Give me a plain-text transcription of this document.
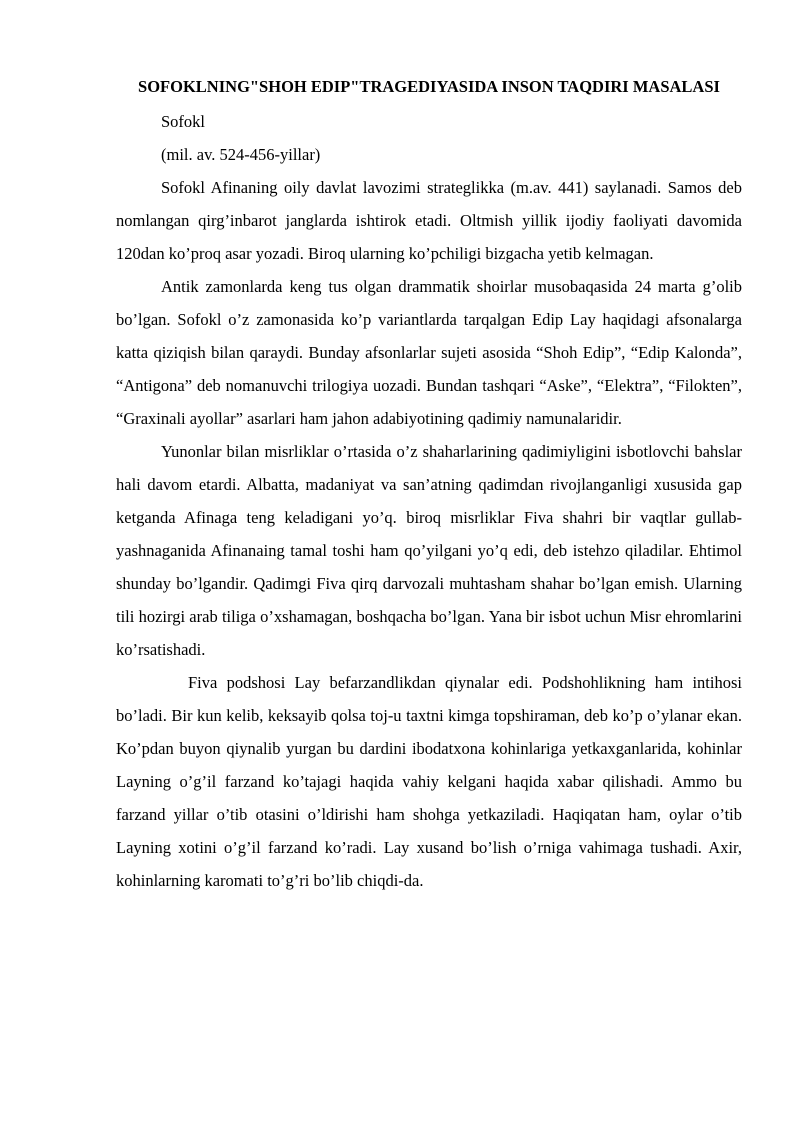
SOFOKLNING"SHOH EDIP"TRAGEDIYASIDA INSON TAQDIRI MASALASI

Sofokl

(mil. av. 524-456-yillar)

Sofokl Afinaning oily davlat lavozimi strateglikka (m.av. 441) saylanadi. Samos deb nomlangan qirg’inbarot janglarda ishtirok etadi. Oltmish yillik ijodiy faoliyati davomida 120dan ko’proq asar yozadi. Biroq ularning ko’pchiligi bizgacha yetib kelmagan.

Antik zamonlarda keng tus olgan drammatik shoirlar musobaqasida 24 marta g’olib bo’lgan. Sofokl o’z zamonasida ko’p variantlarda tarqalgan Edip Lay haqidagi afsonalarga katta qiziqish bilan qaraydi. Bunday afsonlarlar sujeti asosida “Shoh Edip”, “Edip Kalonda”, “Antigona” deb nomanuvchi trilogiya uozadi. Bundan tashqari “Aske”, “Elektra”, “Filokten”, “Graxinali ayollar” asarlari ham jahon adabiyotining qadimiy namunalaridir.

Yunonlar bilan misrliklar o’rtasida o’z shaharlarining qadimiyligini isbotlovchi bahslar hali davom etardi. Albatta, madaniyat va san’atning qadimdan rivojlanganligi xususida gap ketganda Afinaga teng keladigani yo’q. biroq misrliklar Fiva shahri bir vaqtlar gullab-yashnaganida Afinanaing tamal toshi ham qo’yilgani yo’q edi, deb istehzo qiladilar. Ehtimol shunday bo’lgandir. Qadimgi Fiva qirq darvozali muhtasham shahar bo’lgan emish. Ularning tili hozirgi arab tiliga o’xshamagan, boshqacha bo’lgan. Yana bir isbot uchun Misr ehromlarini ko’rsatishadi.

Fiva podshosi Lay befarzandlikdan qiynalar edi. Podshohlikning ham intihosi bo’ladi. Bir kun kelib, keksayib qolsa toj-u taxtni kimga topshiraman, deb ko’p o’ylanar ekan. Ko’pdan buyon qiynalib yurgan bu dardini ibodatxona kohinlariga yetkaxganlarida, kohinlar Layning o’g’il farzand ko’tajagi haqida vahiy kelgani haqida xabar qilishadi. Ammo bu farzand yillar o’tib otasini o’ldirishi ham shohga yetkaziladi. Haqiqatan ham, oylar o’tib Layning xotini o’g’il farzand ko’radi. Lay xusand bo’lish o’rniga vahimaga tushadi. Axir, kohinlarning karomati to’g’ri bo’lib chiqdi-da.
